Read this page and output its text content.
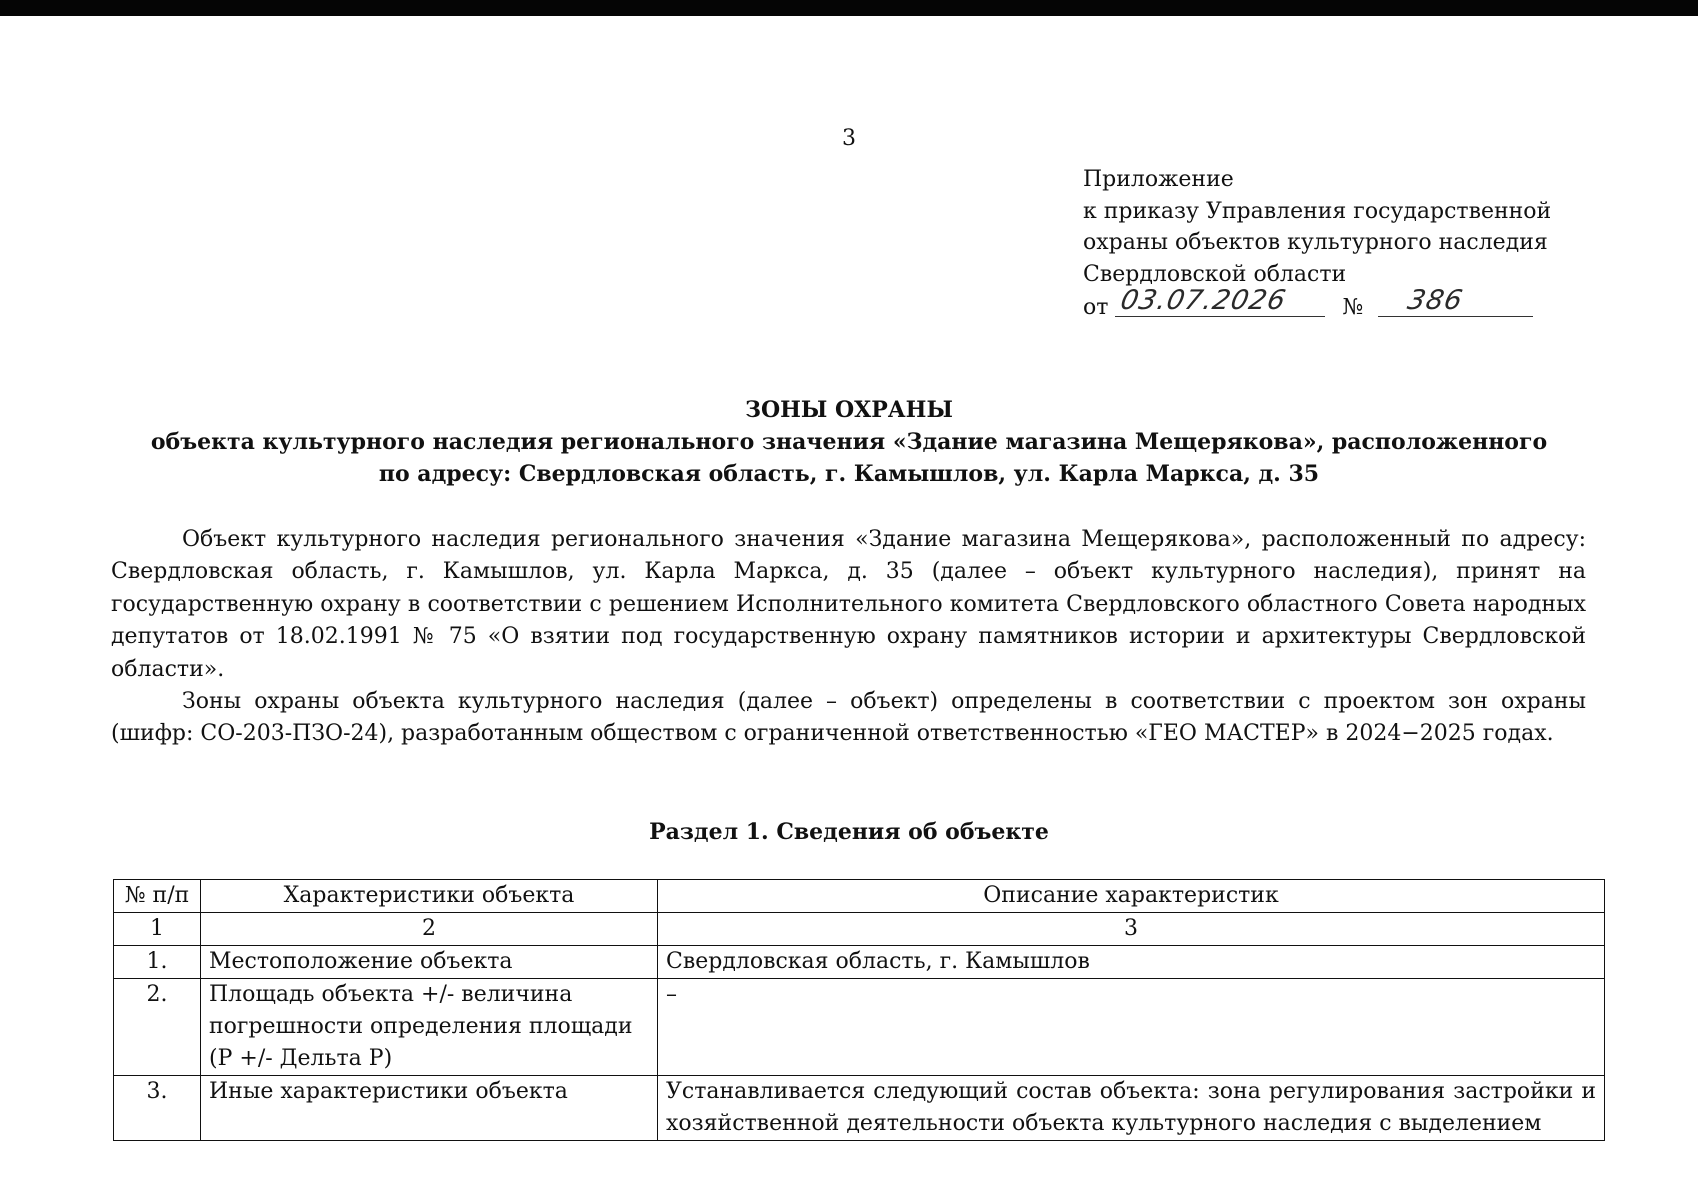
3
Приложение
к приказу Управления государственной
охраны объектов культурного наследия
Свердловской области
от 03.07.2026 № 386
ЗОНЫ ОХРАНЫ
объекта культурного наследия регионального значения «Здание магазина Мещерякова», расположенного
по адресу: Свердловская область, г. Камышлов, ул. Карла Маркса, д. 35

Объект культурного наследия регионального значения «Здание магазина Мещерякова», расположенный по адресу: Свердловская область, г. Камышлов, ул. Карла Маркса, д. 35 (далее – объект культурного наследия), принят на государственную охрану в соответствии с решением Исполнительного комитета Свердловского областного Совета народных депутатов от 18.02.1991 № 75 «О взятии под государственную охрану памятников истории и архитектуры Свердловской области».

Зоны охраны объекта культурного наследия (далее – объект) определены в соответствии с проектом зон охраны (шифр: СО-203-ПЗО-24), разработанным обществом с ограниченной ответственностью «ГЕО МАСТЕР» в 2024−2025 годах.

Раздел 1. Сведения об объекте
№ п/п	Характеристики объекта	Описание характеристик
1	2	3
1.	Местоположение объекта	Свердловская область, г. Камышлов
2.	Площадь объекта +/- величина погрешности определения площади (P +/- Дельта P)	–
3.	Иные характеристики объекта	Устанавливается следующий состав объекта: зона регулирования застройки и хозяйственной деятельности объекта культурного наследия с выделением
